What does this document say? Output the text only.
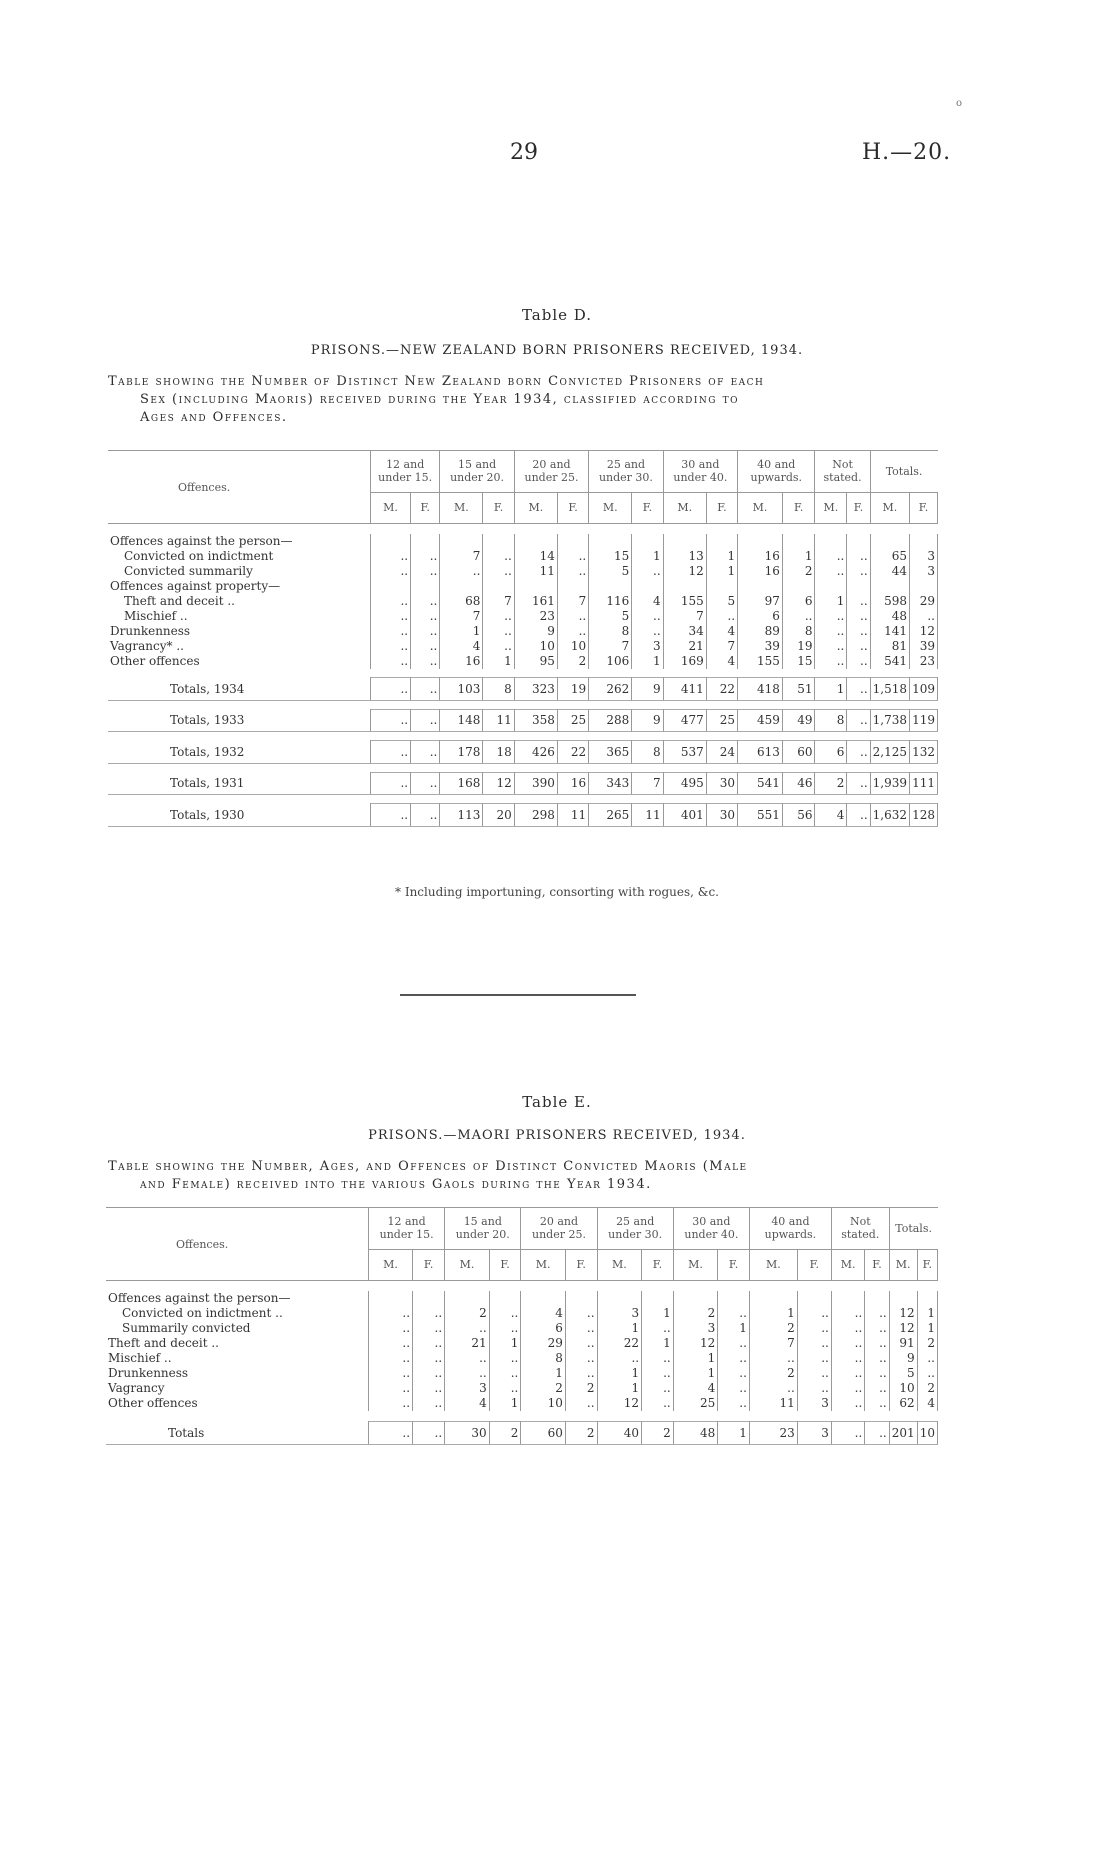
o
29	H.—20.
Table D.
PRISONS.—NEW ZEALAND BORN PRISONERS RECEIVED, 1934.
Table showing the Number of Distinct New Zealand born Convicted Prisoners of each
Sex (including Maoris) received during the Year 1934, classified according to
Ages and Offences.
Offences.	12 and under 15.		15 and under 20.		20 and under 25.		25 and under 30.		30 and under 40.		40 and upwards.		Not stated.		Totals.	
	M.	F.	M.	F.	M.	F.	M.	F.	M.	F.	M.	F.	M.	F.	M.	F.

Offences against the person—																
Convicted on indictment	..	..	7	..	14	..	15	1	13	1	16	1	..	..	65	3
Convicted summarily	..	..	..	..	11	..	5	..	12	1	16	2	..	..	44	3
Offences against property—																
Theft and deceit ..	..	..	68	7	161	7	116	4	155	5	97	6	1	..	598	29
Mischief ..	..	..	7	..	23	..	5	..	7	..	6	..	..	..	48	..
Drunkenness	..	..	1	..	9	..	8	..	34	4	89	8	..	..	141	12
Vagrancy* ..	..	..	4	..	10	10	7	3	21	7	39	19	..	..	81	39
Other offences	..	..	16	1	95	2	106	1	169	4	155	15	..	..	541	23

Totals, 1934	..	..	103	8	323	19	262	9	411	22	418	51	1	..	1,518	109

Totals, 1933	..	..	148	11	358	25	288	9	477	25	459	49	8	..	1,738	119

Totals, 1932	..	..	178	18	426	22	365	8	537	24	613	60	6	..	2,125	132

Totals, 1931	..	..	168	12	390	16	343	7	495	30	541	46	2	..	1,939	111

Totals, 1930	..	..	113	20	298	11	265	11	401	30	551	56	4	..	1,632	128
* Including importuning, consorting with rogues, &c.
Table E.
PRISONS.—MAORI PRISONERS RECEIVED, 1934.
Table showing the Number, Ages, and Offences of Distinct Convicted Maoris (Male
and Female) received into the various Gaols during the Year 1934.
Offences.	12 and under 15.		15 and under 20.		20 and under 25.		25 and under 30.		30 and under 40.		40 and upwards.		Not stated.		Totals.	
	M.	F.	M.	F.	M.	F.	M.	F.	M.	F.	M.	F.	M.	F.	M.	F.

Offences against the person—																
Convicted on indictment ..	..	..	2	..	4	..	3	1	2	..	1	..	..	..	12	1
Summarily convicted	..	..	..	..	6	..	1	..	3	1	2	..	..	..	12	1
Theft and deceit ..	..	..	21	1	29	..	22	1	12	..	7	..	..	..	91	2
Mischief ..	..	..	..	..	8	..	..	..	1	..	..	..	..	..	9	..
Drunkenness	..	..	..	..	1	..	1	..	1	..	2	..	..	..	5	..
Vagrancy	..	..	3	..	2	2	1	..	4	..	..	..	..	..	10	2
Other offences	..	..	4	1	10	..	12	..	25	..	11	3	..	..	62	4

Totals	..	..	30	2	60	2	40	2	48	1	23	3	..	..	201	10
